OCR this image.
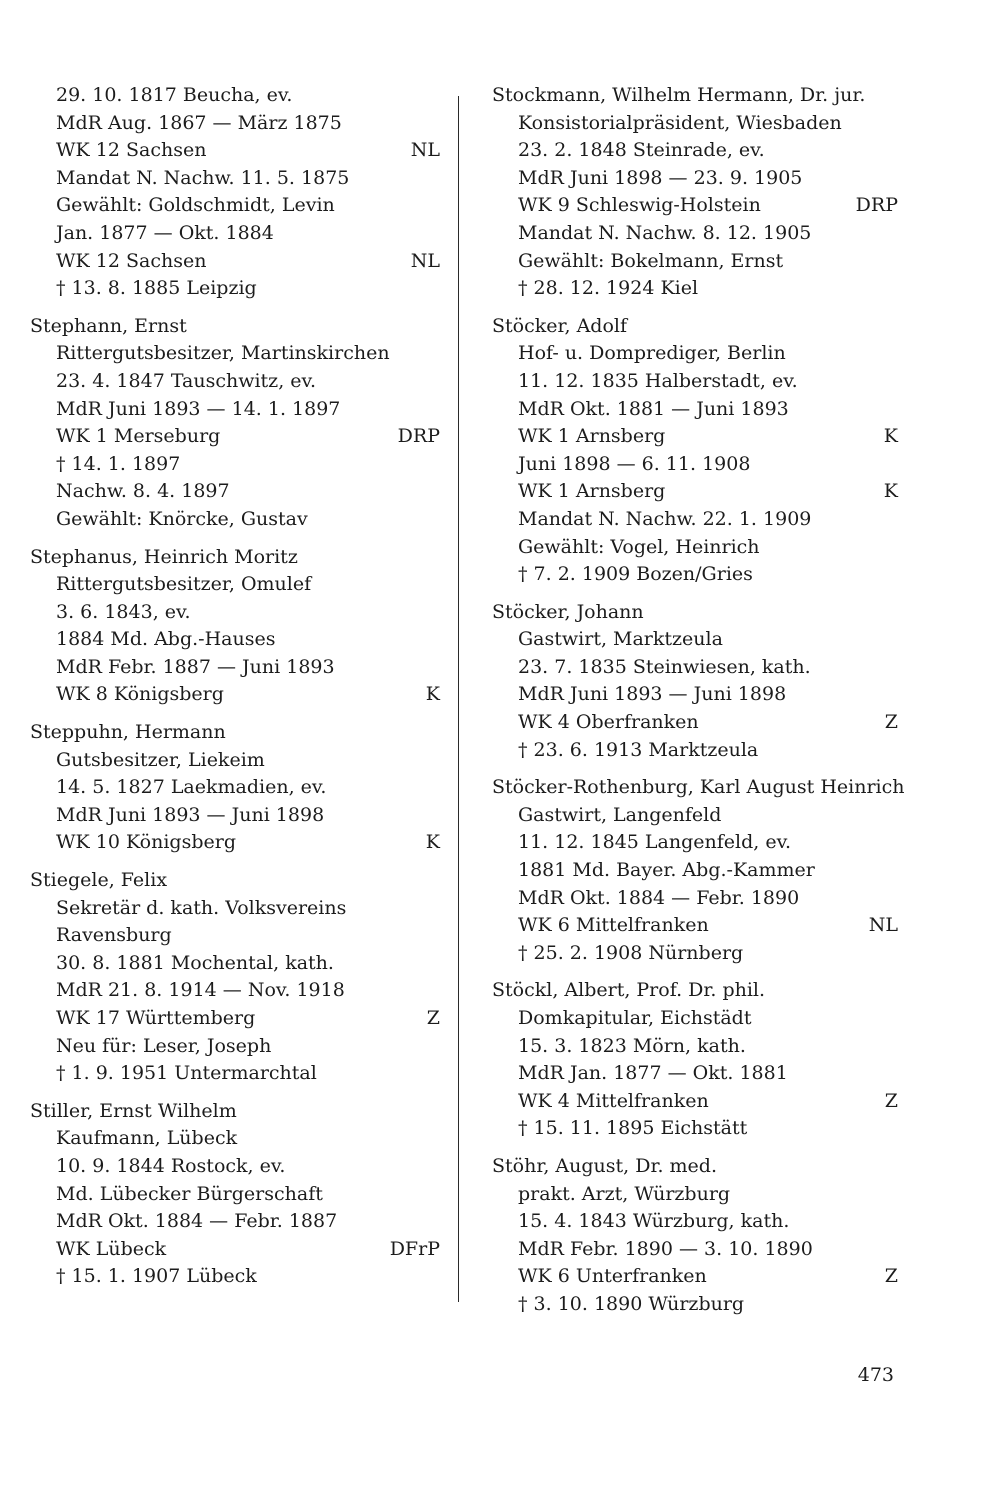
29. 10. 1817 Beucha, ev.
MdR Aug. 1867 — März 1875
WK 12 Sachsen	NL
Mandat N. Nachw. 11. 5. 1875
Gewählt: Goldschmidt, Levin
Jan. 1877 — Okt. 1884
WK 12 Sachsen	NL
† 13. 8. 1885 Leipzig
Stephann, Ernst
Rittergutsbesitzer, Martinskirchen
23. 4. 1847 Tauschwitz, ev.
MdR Juni 1893 — 14. 1. 1897
WK 1 Merseburg	DRP
† 14. 1. 1897
Nachw. 8. 4. 1897
Gewählt: Knörcke, Gustav
Stephanus, Heinrich Moritz
Rittergutsbesitzer, Omulef
3. 6. 1843, ev.
1884 Md. Abg.-Hauses
MdR Febr. 1887 — Juni 1893
WK 8 Königsberg	K
Steppuhn, Hermann
Gutsbesitzer, Liekeim
14. 5. 1827 Laekmadien, ev.
MdR Juni 1893 — Juni 1898
WK 10 Königsberg	K
Stiegele, Felix
Sekretär d. kath. Volksvereins
Ravensburg
30. 8. 1881 Mochental, kath.
MdR 21. 8. 1914 — Nov. 1918
WK 17 Württemberg	Z
Neu für: Leser, Joseph
† 1. 9. 1951 Untermarchtal
Stiller, Ernst Wilhelm
Kaufmann, Lübeck
10. 9. 1844 Rostock, ev.
Md. Lübecker Bürgerschaft
MdR Okt. 1884 — Febr. 1887
WK Lübeck	DFrP
† 15. 1. 1907 Lübeck
Stockmann, Wilhelm Hermann, Dr. jur.
Konsistorialpräsident, Wiesbaden
23. 2. 1848 Steinrade, ev.
MdR Juni 1898 — 23. 9. 1905
WK 9 Schleswig-Holstein	DRP
Mandat N. Nachw. 8. 12. 1905
Gewählt: Bokelmann, Ernst
† 28. 12. 1924 Kiel
Stöcker, Adolf
Hof- u. Domprediger, Berlin
11. 12. 1835 Halberstadt, ev.
MdR Okt. 1881 — Juni 1893
WK 1 Arnsberg	K
Juni 1898 — 6. 11. 1908
WK 1 Arnsberg	K
Mandat N. Nachw. 22. 1. 1909
Gewählt: Vogel, Heinrich
† 7. 2. 1909 Bozen/Gries
Stöcker, Johann
Gastwirt, Marktzeula
23. 7. 1835 Steinwiesen, kath.
MdR Juni 1893 — Juni 1898
WK 4 Oberfranken	Z
† 23. 6. 1913 Marktzeula
Stöcker-Rothenburg, Karl August Heinrich
Gastwirt, Langenfeld
11. 12. 1845 Langenfeld, ev.
1881 Md. Bayer. Abg.-Kammer
MdR Okt. 1884 — Febr. 1890
WK 6 Mittelfranken	NL
† 25. 2. 1908 Nürnberg
Stöckl, Albert, Prof. Dr. phil.
Domkapitular, Eichstädt
15. 3. 1823 Mörn, kath.
MdR Jan. 1877 — Okt. 1881
WK 4 Mittelfranken	Z
† 15. 11. 1895 Eichstätt
Stöhr, August, Dr. med.
prakt. Arzt, Würzburg
15. 4. 1843 Würzburg, kath.
MdR Febr. 1890 — 3. 10. 1890
WK 6 Unterfranken	Z
† 3. 10. 1890 Würzburg
473
